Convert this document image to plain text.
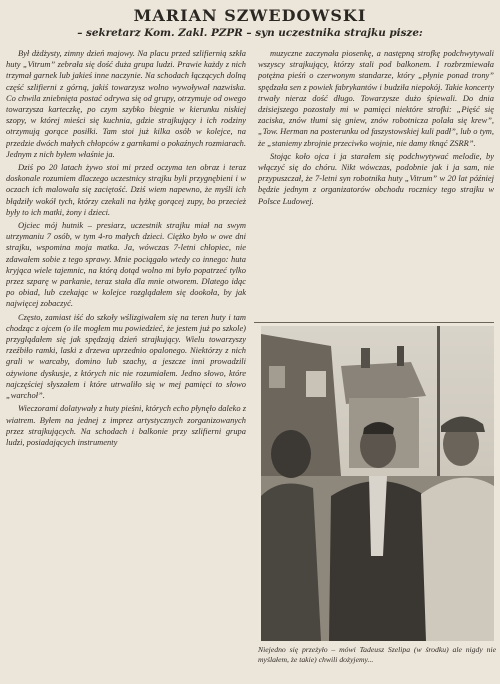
MARIAN SZWEDOWSKI
– sekretarz Kom. Zakl. PZPR – syn uczestnika strajku pisze:

Był dżdżysty, zimny dzień majowy. Na placu przed szlifiernią szkła huty „Vitrum” zebrała się dość duża grupa ludzi. Prawie każdy z nich trzymał garnek lub jakieś inne naczynie. Na schodach łączących dolną część szlifierni z górną, jakiś towarzysz wolno wywoływał nazwiska. Co chwila zniebnięta postać odrywa się od grupy, otrzymuje od owego towarzysza karteczkę, po czym szybko biegnie w kierunku niskiej szopy, w której mieści się kuchnia, gdzie strajkujący i ich rodziny otrzymują gorące posiłki. Tam stoi już kilka osób w kolejce, na przedzie dwóch małych chłopców z garnkami o pokaźnych rozmiarach. Jednym z nich byłem właśnie ja.

Dziś po 20 latach żywo stoi mi przed oczyma ten obraz i teraz doskonale rozumiem dlaczego uczestnicy strajku byli przygnębieni i w oczach ich malowała się zaciętość. Dziś wiem napewno, że myśli ich błądziły wokół tych, którzy czekali na łyżkę gorącej zupy, bo przecież były to ich matki, żony i dzieci.

Ojciec mój hutnik – presiarz, uczestnik strajku miał na swym utrzymaniu 7 osób, w tym 4-ro małych dzieci. Ciężko było w owe dni strajku, wspomina moja matka. Ja, wówczas 7-letni chłopiec, nie zdawałem sobie z tego sprawy. Mnie pociągało wtedy co innego: huta kryjąca wiele tajemnic, na którą dotąd wolno mi było popatrzeć tylko przez szparę w parkanie, teraz stała dla mnie otworem. Dlatego idąc po obiad, lub czekając w kolejce rozglądałem się dookoła, by jak najwięcej zobaczyć.

Często, zamiast iść do szkoły wślizgiwałem się na teren huty i tam chodząc z ojcem (o ile mogłem mu powiedzieć, że jestem już po szkole) przyglądałem się jak spędzają dzień strajkujący. Wielu towarzyszy rzeźbiło ramki, laski z drzewa uprzednio opalonego. Niektórzy z nich grali w warcaby, domino lub szachy, a jeszcze inni prowadzili ożywione dyskusje, z których nic nie rozumiałem. Jedno słowo, które najczęściej słyszałem i które utrwaliło się w mej pamięci to słowo „warchoł”.

Wieczorami dolatywały z huty pieśni, których echo płynęło daleko z wiatrem. Byłem na jednej z imprez artystycznych zorganizowanych przez strajkujących. Na schodach i balkonie przy szlifierni grupa ludzi, posiadających instrumenty

muzyczne zaczynała piosenkę, a następną strofkę podchwytywali wszyscy strajkujący, którzy stali pod balkonem. I rozbrzmiewała potężna pieśń o czerwonym standarze, który „płynie ponad trony” spędzała sen z powiek fabrykantów i budziła niepokój. Takie koncerty trwały nieraz dość długo. Towarzysze dużo śpiewali. Do dnia dzisiejszego pozostały mi w pamięci niektóre strofki: „Pięść się zaciska, znów tłumi się gniew, znów robotnicza polała się krew”, „Tow. Herman na posterunku od faszystowskiej kuli padł”, lub o tym, że „staniemy zbrojnie przeciwko wojnie, nie damy tknąć ZSRR”.

Stojąc koło ojca i ja starałem się podchwytywać melodie, by włączyć się do chóru. Nikt wówczas, podobnie jak i ja sam, nie przypuszczał, że 7-letni syn robotnika huty „Vitrum” w 20 lat później będzie jednym z organizatorów obchodu rocznicy tego strajku w Polsce Ludowej.

Niejedno się przeżyło – mówi Tadeusz Szelipa (w środku) ale nigdy nie myślałem, że takie) chwili dożyjemy...
